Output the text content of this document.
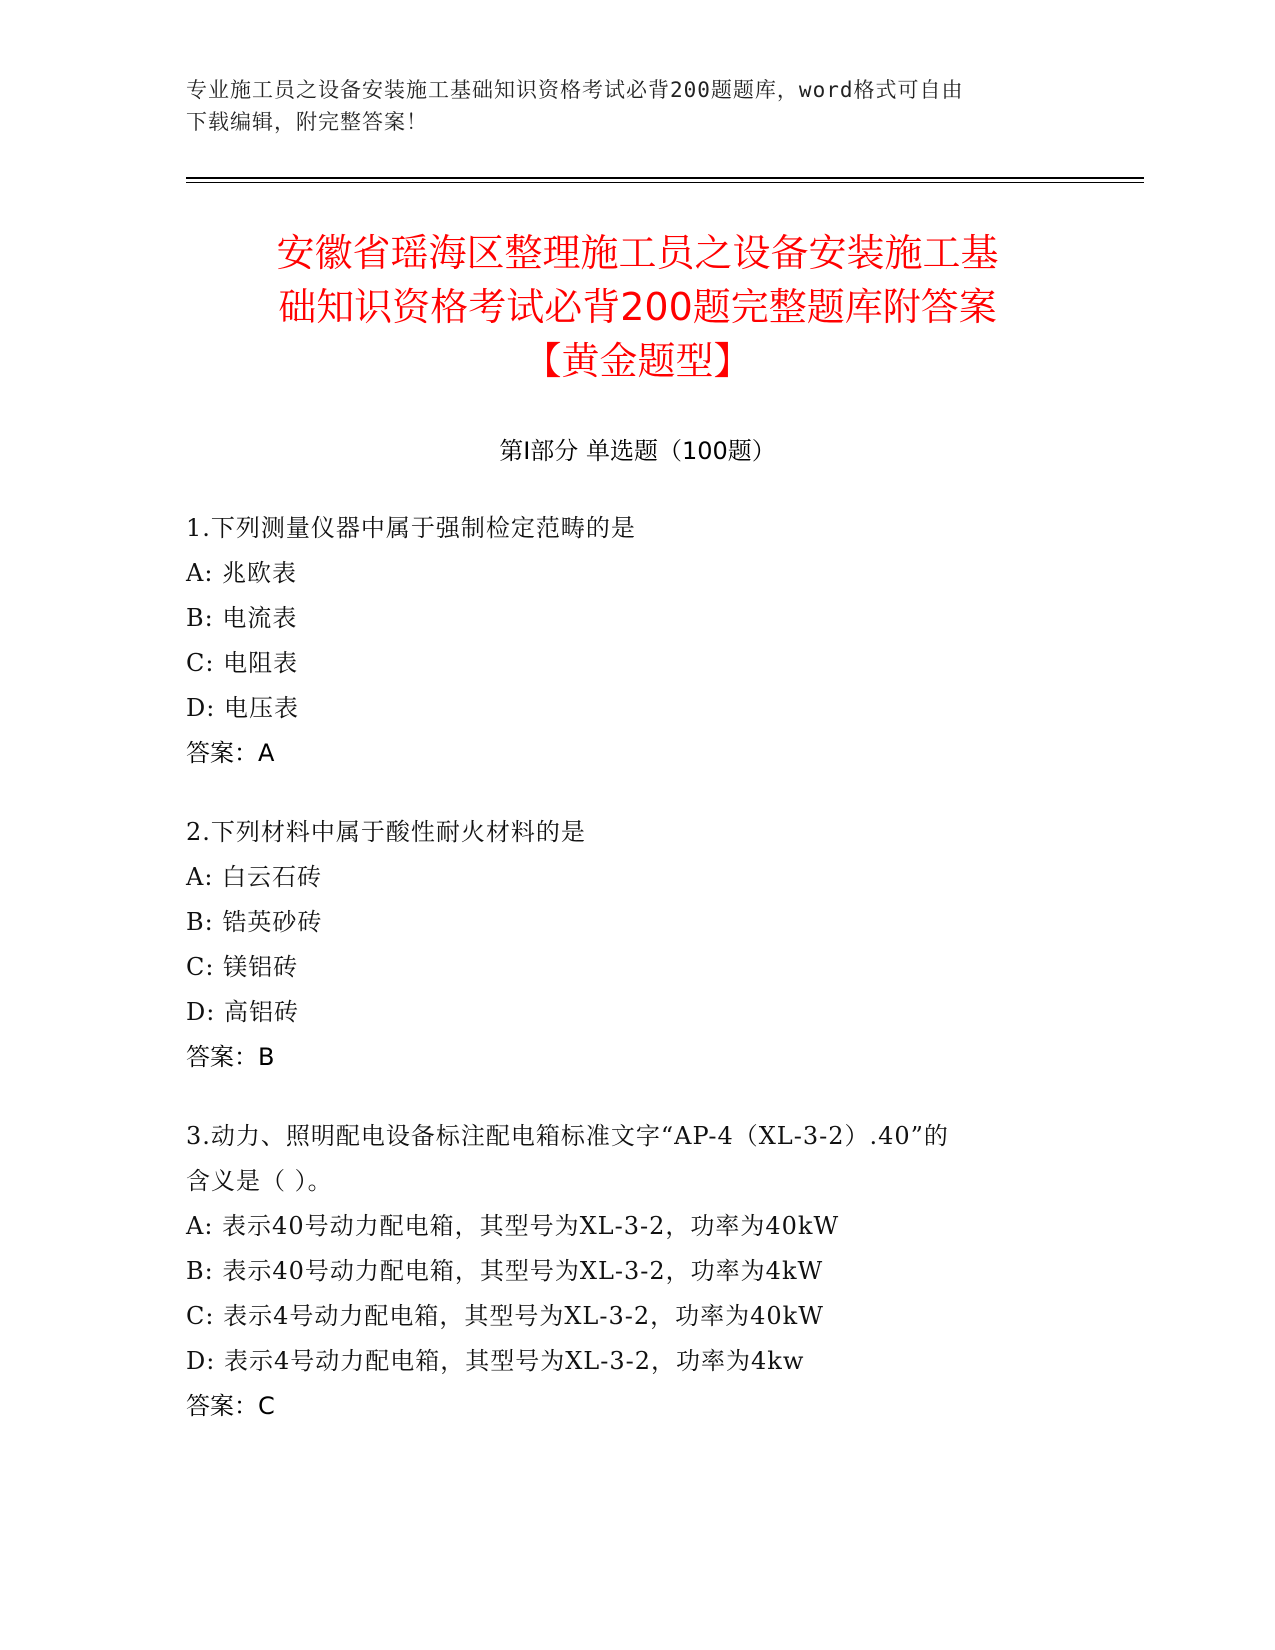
专业施工员之设备安装施工基础知识资格考试必背200题题库，word格式可自由
下载编辑，附完整答案！
安徽省瑶海区整理施工员之设备安装施工基
础知识资格考试必背200题完整题库附答案
【黄金题型】
第I部分 单选题（100题）
1.下列测量仪器中属于强制检定范畴的是
A: 兆欧表
B: 电流表
C: 电阻表
D: 电压表
答案：A
2.下列材料中属于酸性耐火材料的是
A: 白云石砖
B: 锆英砂砖
C: 镁铝砖
D: 高铝砖
答案：B
3.动力、照明配电设备标注配电箱标准文字“AP-4（XL-3-2）.40”的
含义是（ ）。
A: 表示40号动力配电箱，其型号为XL-3-2，功率为40kW
B: 表示40号动力配电箱，其型号为XL-3-2，功率为4kW
C: 表示4号动力配电箱，其型号为XL-3-2，功率为40kW
D: 表示4号动力配电箱，其型号为XL-3-2，功率为4kw
答案：C
